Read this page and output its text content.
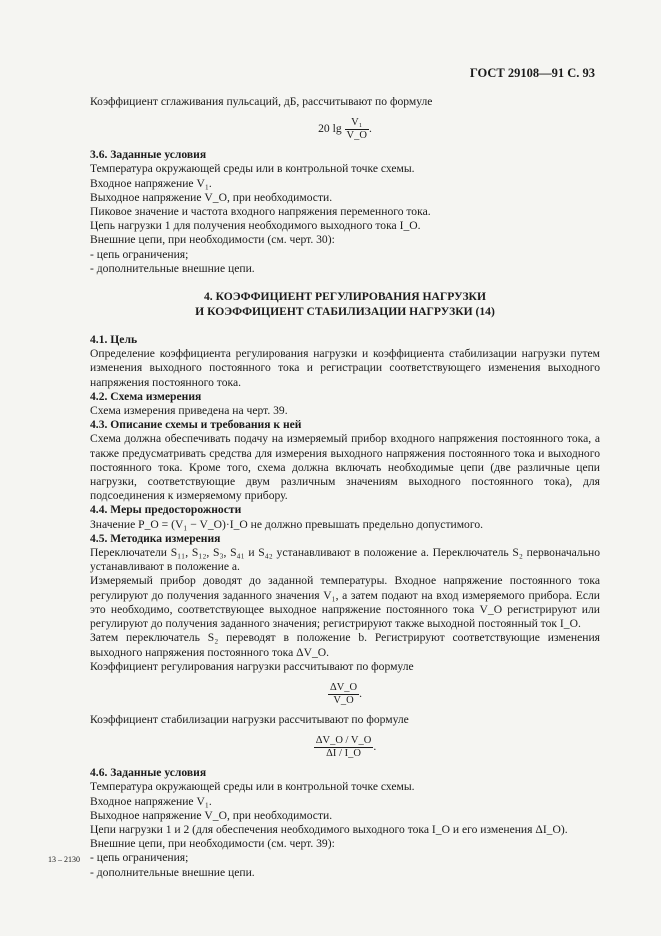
ГОСТ 29108—91 С. 93

Коэффициент сглаживания пульсаций, дБ, рассчитывают по формуле

20 $\lg \frac{\text{V₁}}{V\_O}$ .

3.6. Заданные условия

Температура окружающей среды или в контрольной точке схемы.

Входное напряжение V₁.

Выходное напряжение V_O, при необходимости.

Пиковое значение и частота входного напряжения переменного тока.

Цепь нагрузки 1 для получения необходимого выходного тока I_O.

Внешние цепи, при необходимости (см. черт. 30):

- цепь ограничения;

- дополнительные внешние цепи.

4. КОЭФФИЦИЕНТ РЕГУЛИРОВАНИЯ НАГРУЗКИ
И КОЭФФИЦИЕНТ СТАБИЛИЗАЦИИ НАГРУЗКИ (14)

4.1. Цель

Определение коэффициента регулирования нагрузки и коэффициента стабилизации нагрузки путем изменения выходного постоянного тока и регистрации соответствующего изменения выходного напряжения постоянного тока.

4.2. Схема измерения

Схема измерения приведена на черт. 39.

4.3. Описание схемы и требования к ней

Схема должна обеспечивать подачу на измеряемый прибор входного напряжения постоянного тока, а также предусматривать средства для измерения выходного напряжения постоянного тока и выходного постоянного тока. Кроме того, схема должна включать необходимые цепи (две различные цепи нагрузки, соответствующие двум различным значениям выходного постоянного тока), для подсоединения к измеряемому прибору.

4.4. Меры предосторожности

Значение P_O = (V₁ − V_O)·I_O не должно превышать предельно допустимого.

4.5. Методика измерения

Переключатели S₁₁, S₁₂, S₃, S₄₁ и S₄₂ устанавливают в положение a. Переключатель S₂ первоначально устанавливают в положение a.

Измеряемый прибор доводят до заданной температуры. Входное напряжение постоянного тока регулируют до получения заданного значения V₁, а затем подают на вход измеряемого прибора. Если это необходимо, соответствующее выходное напряжение постоянного тока V_O регистрируют или регулируют до получения заданного значения; регистрируют также выходной постоянный ток I_O.

Затем переключатель S₂ переводят в положение b. Регистрируют соответствующие изменения выходного напряжения постоянного тока ΔV_O.

Коэффициент регулирования нагрузки рассчитывают по формуле

$\frac{\Delta V\_O}{V\_O}$ .

Коэффициент стабилизации нагрузки рассчитывают по формуле

$\frac{\Delta V\_O / V\_O}{\Delta I / I\_O}$ .

4.6. Заданные условия

Температура окружающей среды или в контрольной точке схемы.

Входное напряжение V₁.

Выходное напряжение V_O, при необходимости.

Цепи нагрузки 1 и 2 (для обеспечения необходимого выходного тока I_O и его изменения ΔI_O).

Внешние цепи, при необходимости (см. черт. 39):

- цепь ограничения;

- дополнительные внешние цепи.

13 – 2130
